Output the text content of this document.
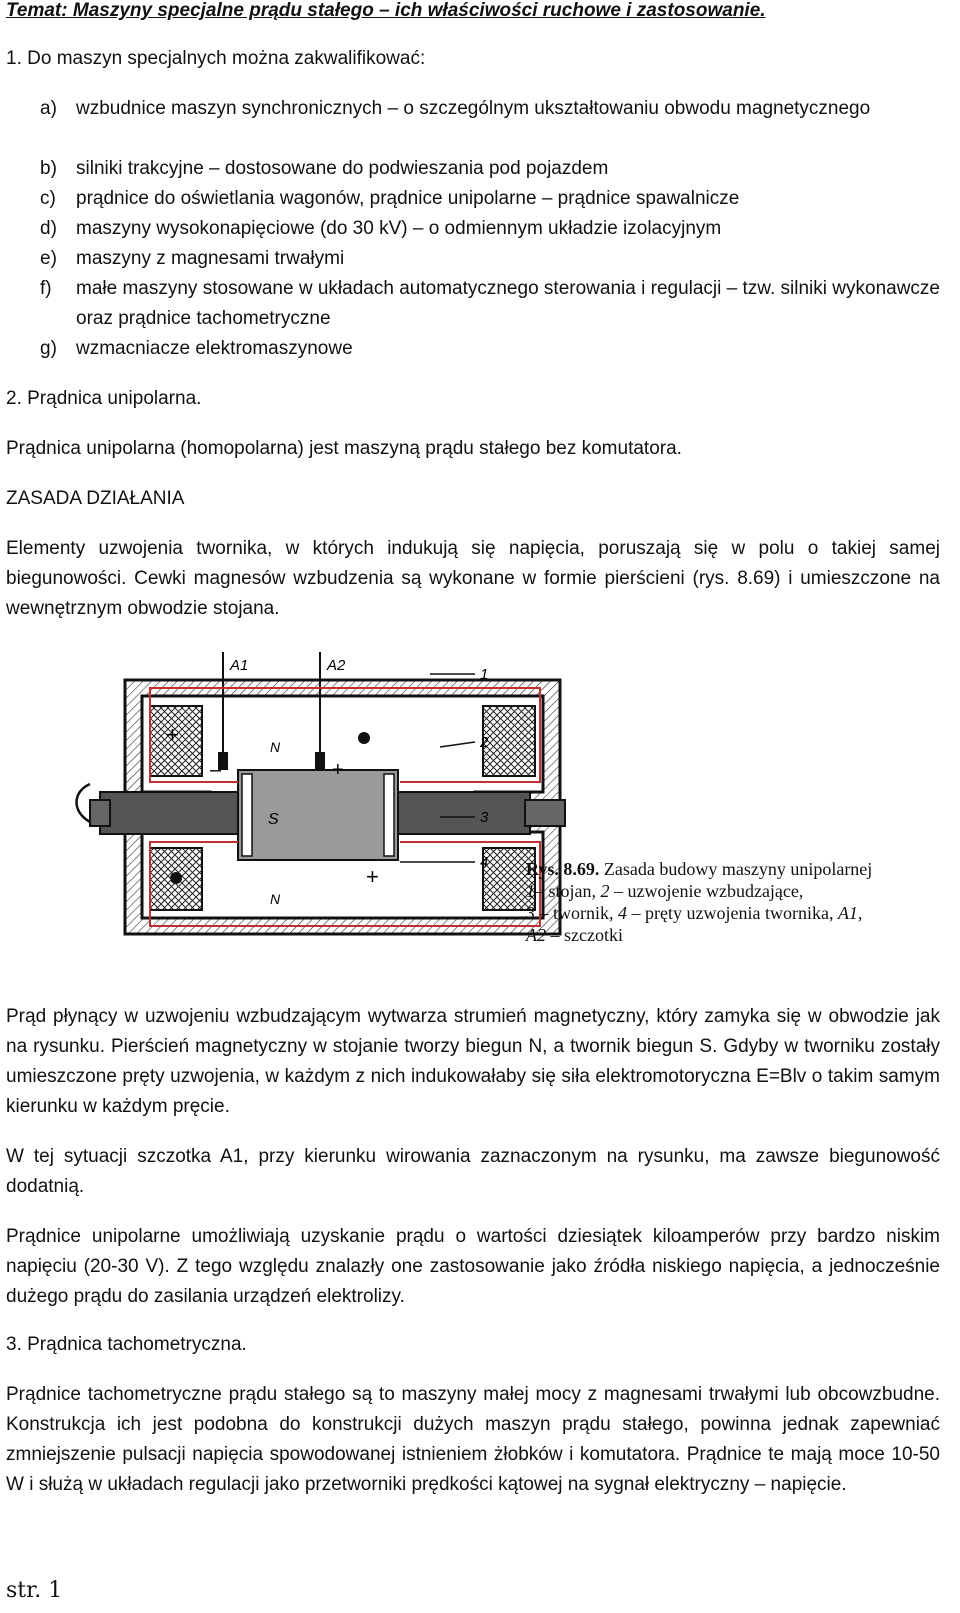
Temat: Maszyny specjalne prądu stałego – ich właściwości ruchowe i zastosowanie.
1. Do maszyn specjalnych można zakwalifikować:
a) wzbudnice maszyn synchronicznych – o szczególnym ukształtowaniu obwodu magnetycznego
b) silniki trakcyjne – dostosowane do podwieszania pod pojazdem
c) prądnice do oświetlania wagonów, prądnice unipolarne – prądnice spawalnicze
d) maszyny wysokonapięciowe (do 30 kV) – o odmiennym układzie izolacyjnym
e) maszyny z magnesami trwałymi
f) małe maszyny stosowane w układach automatycznego sterowania i regulacji – tzw. silniki wykonawcze oraz prądnice tachometryczne
g) wzmacniacze elektromaszynowe
2. Prądnica unipolarna.
Prądnica unipolarna (homopolarna) jest maszyną prądu stałego bez komutatora.
ZASADA DZIAŁANIA
Elementy uzwojenia twornika, w których indukują się napięcia, poruszają się w polu o takiej samej biegunowości. Cewki magnesów wzbudzenia są wykonane w formie pierścieni (rys. 8.69) i umieszczone na wewnętrznym obwodzie stojana.
A1	A2
1
2
3
4
N
N
S
+
+
+
–
Rys. 8.69. Zasada budowy maszyny unipolarnej
1– stojan, 2 – uzwojenie wzbudzające,
3 – twornik, 4 – pręty uzwojenia twornika, A1, A2 – szczotki
Prąd płynący w uzwojeniu wzbudzającym wytwarza strumień magnetyczny, który zamyka się w obwodzie jak na rysunku. Pierścień magnetyczny w stojanie tworzy biegun N, a twornik biegun S. Gdyby w tworniku zostały umieszczone pręty uzwojenia, w każdym z nich indukowałaby się siła elektromotoryczna E=Blv o takim samym kierunku w każdym pręcie.
W tej sytuacji szczotka A1, przy kierunku wirowania zaznaczonym na rysunku, ma zawsze biegunowość dodatnią.
Prądnice unipolarne umożliwiają uzyskanie prądu o wartości dziesiątek kiloamperów przy bardzo niskim napięciu (20-30 V). Z tego względu znalazły one zastosowanie jako źródła niskiego napięcia, a jednocześnie dużego prądu do zasilania urządzeń elektrolizy.
3. Prądnica tachometryczna.
Prądnice tachometryczne prądu stałego są to maszyny małej mocy z magnesami trwałymi lub obcowzbudne. Konstrukcja ich jest podobna do konstrukcji dużych maszyn prądu stałego, powinna jednak zapewniać zmniejszenie pulsacji napięcia spowodowanej istnieniem żłobków i komutatora. Prądnice te mają moce 10-50 W i służą w układach regulacji jako przetworniki prędkości kątowej na sygnał elektryczny – napięcie.
str. 1
